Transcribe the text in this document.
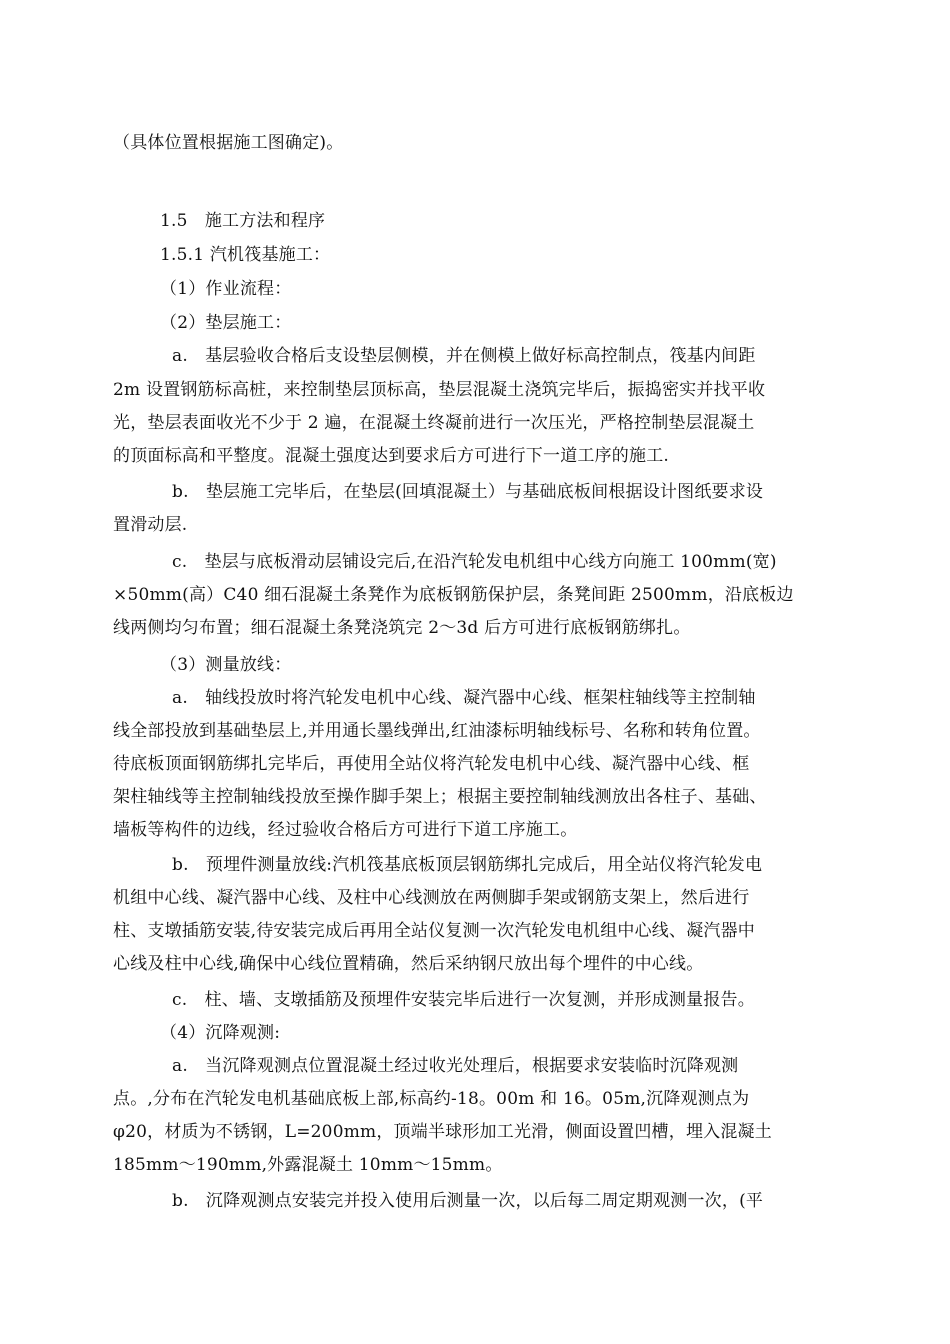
（具体位置根据施工图确定)。
1.5　施工方法和程序
1.5.1 汽机筏基施工：
（1）作业流程：
（2）垫层施工：
a.　基层验收合格后支设垫层侧模，并在侧模上做好标高控制点，筏基内间距
2m 设置钢筋标高桩，来控制垫层顶标高，垫层混凝土浇筑完毕后，振捣密实并找平收
光，垫层表面收光不少于 2 遍，在混凝土终凝前进行一次压光，严格控制垫层混凝土
的顶面标高和平整度。混凝土强度达到要求后方可进行下一道工序的施工.
b.　垫层施工完毕后，在垫层(回填混凝土）与基础底板间根据设计图纸要求设
置滑动层.
c.　垫层与底板滑动层铺设完后,在沿汽轮发电机组中心线方向施工 100mm(宽)
×50mm(高）C40 细石混凝土条凳作为底板钢筋保护层，条凳间距 2500mm，沿底板边
线两侧均匀布置；细石混凝土条凳浇筑完 2～3d 后方可进行底板钢筋绑扎。
（3）测量放线：
a.　轴线投放时将汽轮发电机中心线、凝汽器中心线、框架柱轴线等主控制轴
线全部投放到基础垫层上,并用通长墨线弹出,红油漆标明轴线标号、名称和转角位置。
待底板顶面钢筋绑扎完毕后，再使用全站仪将汽轮发电机中心线、凝汽器中心线、框
架柱轴线等主控制轴线投放至操作脚手架上；根据主要控制轴线测放出各柱子、基础、
墙板等构件的边线，经过验收合格后方可进行下道工序施工。
b.　预埋件测量放线:汽机筏基底板顶层钢筋绑扎完成后，用全站仪将汽轮发电
机组中心线、凝汽器中心线、及柱中心线测放在两侧脚手架或钢筋支架上，然后进行
柱、支墩插筋安装,待安装完成后再用全站仪复测一次汽轮发电机组中心线、凝汽器中
心线及柱中心线,确保中心线位置精确，然后采纳钢尺放出每个埋件的中心线。
c.　柱、墙、支墩插筋及预埋件安装完毕后进行一次复测，并形成测量报告。
（4）沉降观测:
a.　当沉降观测点位置混凝土经过收光处理后，根据要求安装临时沉降观测
点。,分布在汽轮发电机基础底板上部,标高约-18。00m 和 16。05m,沉降观测点为
φ20，材质为不锈钢，L=200mm，顶端半球形加工光滑，侧面设置凹槽，埋入混凝土
185mm～190mm,外露混凝土 10mm～15mm。
b.　沉降观测点安装完并投入使用后测量一次，以后每二周定期观测一次，(平
